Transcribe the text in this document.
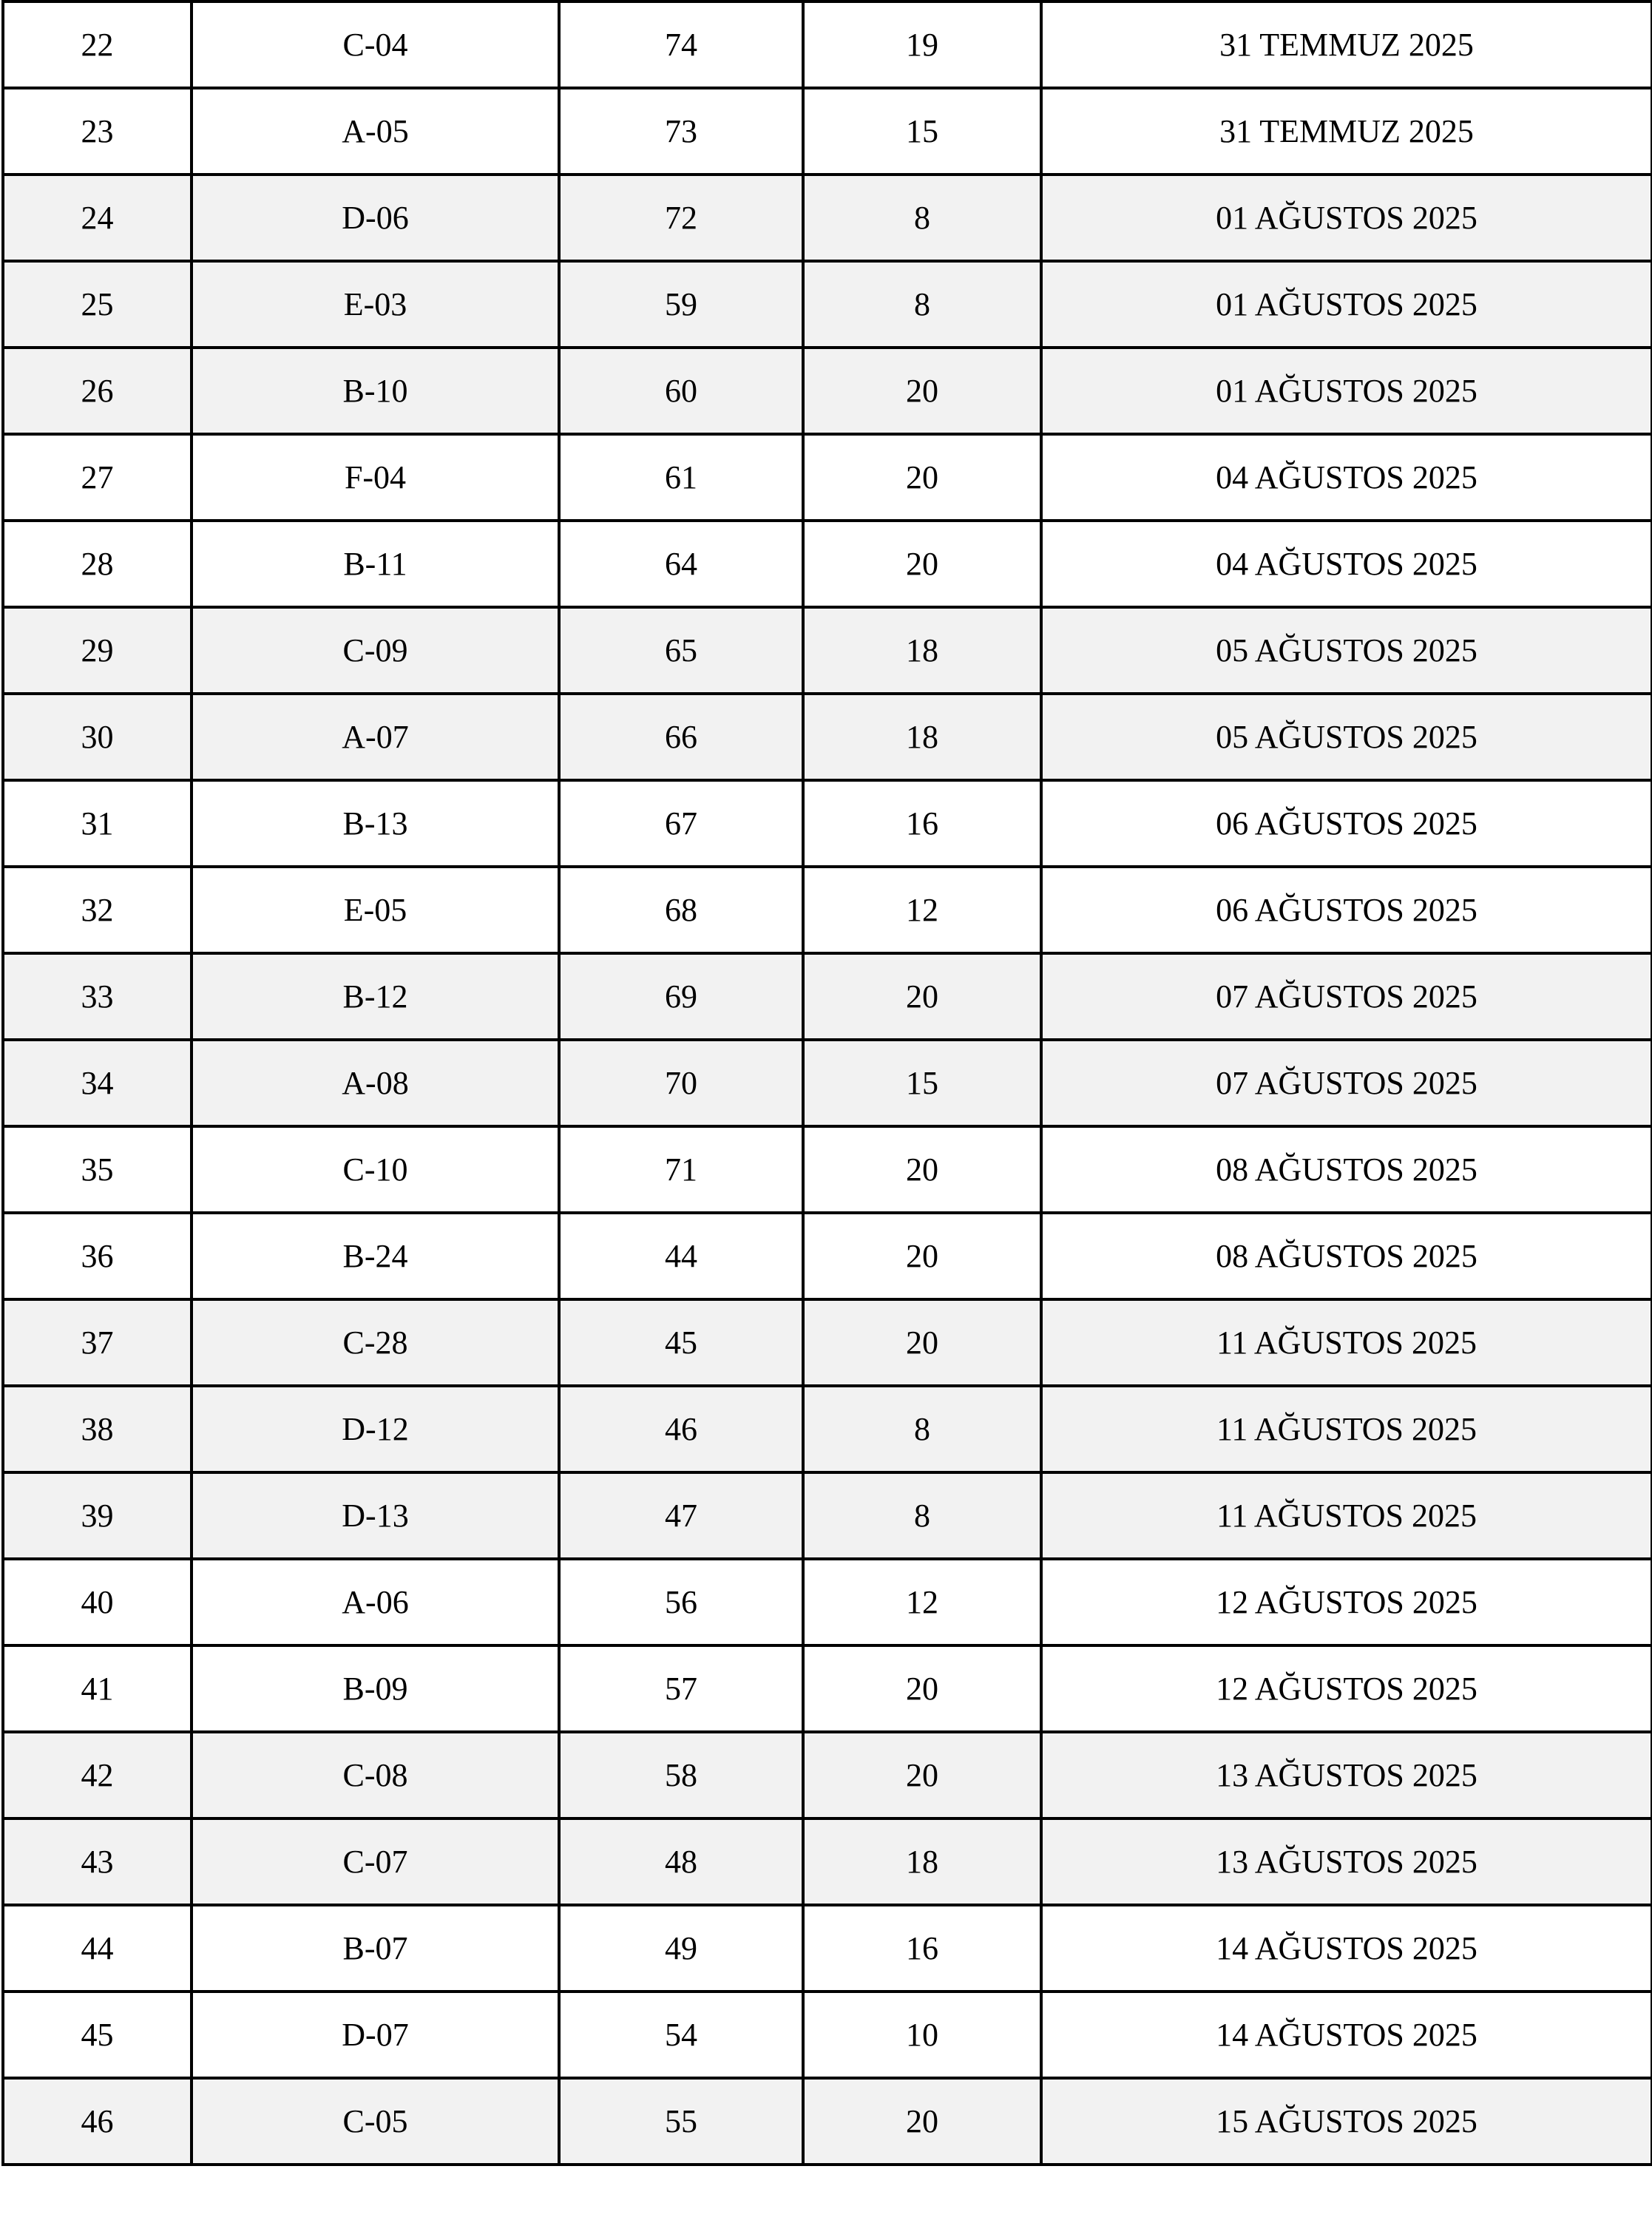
22	C-04	74	19	31 TEMMUZ 2025
23	A-05	73	15	31 TEMMUZ 2025
24	D-06	72	8	01 AĞUSTOS 2025
25	E-03	59	8	01 AĞUSTOS 2025
26	B-10	60	20	01 AĞUSTOS 2025
27	F-04	61	20	04 AĞUSTOS 2025
28	B-11	64	20	04 AĞUSTOS 2025
29	C-09	65	18	05 AĞUSTOS 2025
30	A-07	66	18	05 AĞUSTOS 2025
31	B-13	67	16	06 AĞUSTOS 2025
32	E-05	68	12	06 AĞUSTOS 2025
33	B-12	69	20	07 AĞUSTOS 2025
34	A-08	70	15	07 AĞUSTOS 2025
35	C-10	71	20	08 AĞUSTOS 2025
36	B-24	44	20	08 AĞUSTOS 2025
37	C-28	45	20	11 AĞUSTOS 2025
38	D-12	46	8	11 AĞUSTOS 2025
39	D-13	47	8	11 AĞUSTOS 2025
40	A-06	56	12	12 AĞUSTOS 2025
41	B-09	57	20	12 AĞUSTOS 2025
42	C-08	58	20	13 AĞUSTOS 2025
43	C-07	48	18	13 AĞUSTOS 2025
44	B-07	49	16	14 AĞUSTOS 2025
45	D-07	54	10	14 AĞUSTOS 2025
46	C-05	55	20	15 AĞUSTOS 2025
